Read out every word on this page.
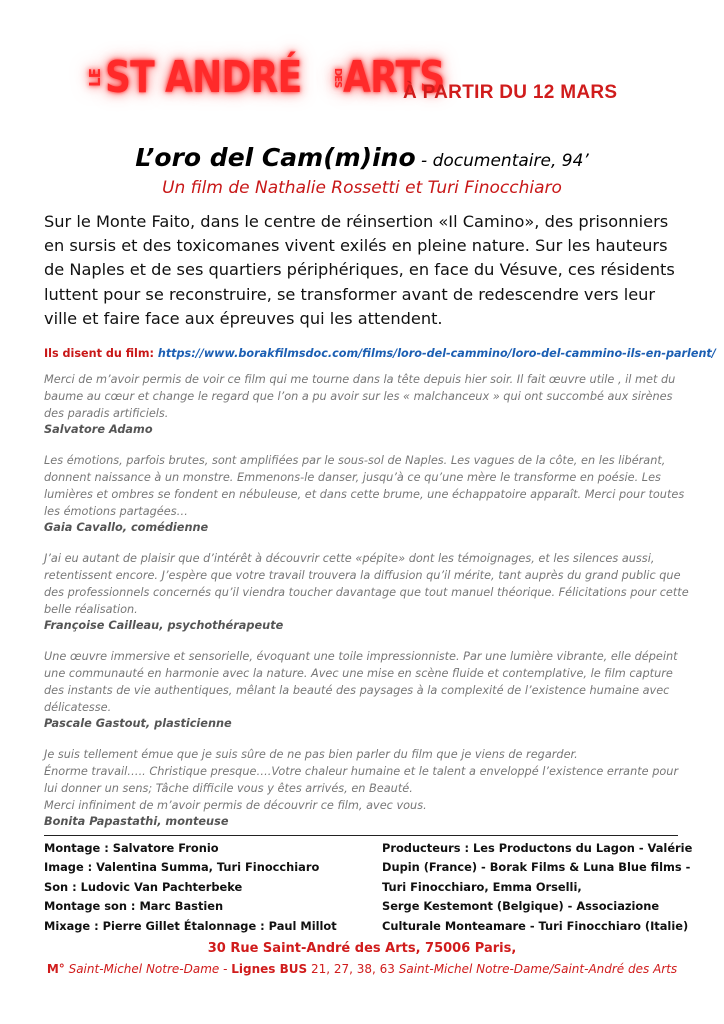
LE ST ANDRÉ	DES ARTS
À PARTIR DU 12 MARS
L’oro del Cam(m)ino - documentaire, 94’
Un film de Nathalie Rossetti et Turi Finocchiaro
Sur le Monte Faito, dans le centre de réinsertion «Il Camino», des prisonniers en sursis et des toxicomanes vivent exilés en pleine nature. Sur les hauteurs de Naples et de ses quartiers périphériques, en face du Vésuve, ces résidents luttent pour se reconstruire, se transformer avant de redescendre vers leur ville et faire face aux épreuves qui les attendent.
Ils disent du film: https://www.borakfilmsdoc.com/films/loro-del-cammino/loro-del-cammino-ils-en-parlent/
Merci de m’avoir permis de voir ce film qui me tourne dans la tête depuis hier soir. Il fait œuvre utile , il met du baume au cœur et change le regard que l’on a pu avoir sur les « malchanceux » qui ont succombé aux sirènes des paradis artificiels.
Salvatore Adamo
Les émotions, parfois brutes, sont amplifiées par le sous-sol de Naples. Les vagues de la côte, en les libérant, donnent naissance à un monstre. Emmenons-le danser, jusqu’à ce qu’une mère le transforme en poésie. Les lumières et ombres se fondent en nébuleuse, et dans cette brume, une échappatoire apparaît. Merci pour toutes les émotions partagées…
Gaia Cavallo, comédienne
J’ai eu autant de plaisir que d’intérêt à découvrir cette «pépite» dont les témoignages, et les silences aussi, retentissent encore. J’espère que votre travail trouvera la diffusion qu’il mérite, tant auprès du grand public que des professionnels concernés qu’il viendra toucher davantage que tout manuel théorique. Félicitations pour cette belle réalisation.
Françoise Cailleau, psychothérapeute
Une œuvre immersive et sensorielle, évoquant une toile impressionniste. Par une lumière vibrante, elle dépeint une communauté en harmonie avec la nature. Avec une mise en scène fluide et contemplative, le film capture des instants de vie authentiques, mêlant la beauté des paysages à la complexité de l’existence humaine avec délicatesse.
Pascale Gastout, plasticienne
Je suis tellement émue que je suis sûre de ne pas bien parler du film que je viens de regarder.
Énorme travail….. Christique presque….Votre chaleur humaine et le talent a enveloppé l’existence errante pour lui donner un sens; Tâche difficile vous y êtes arrivés, en Beauté.
Merci infiniment de m’avoir permis de découvrir ce film, avec vous.
Bonita Papastathi, monteuse
Montage : Salvatore Fronio
Image : Valentina Summa, Turi Finocchiaro
Son : Ludovic Van Pachterbeke
Montage son : Marc Bastien
Mixage : Pierre Gillet Étalonnage : Paul Millot
Producteurs : Les Productons du Lagon - Valérie
Dupin (France) - Borak Films & Luna Blue films -
Turi Finocchiaro, Emma Orselli,
Serge Kestemont (Belgique) - Associazione
Culturale Monteamare - Turi Finocchiaro (Italie)
30 Rue Saint-André des Arts, 75006 Paris,
M° Saint-Michel Notre-Dame - Lignes BUS 21, 27, 38, 63 Saint-Michel Notre-Dame/Saint-André des Arts
